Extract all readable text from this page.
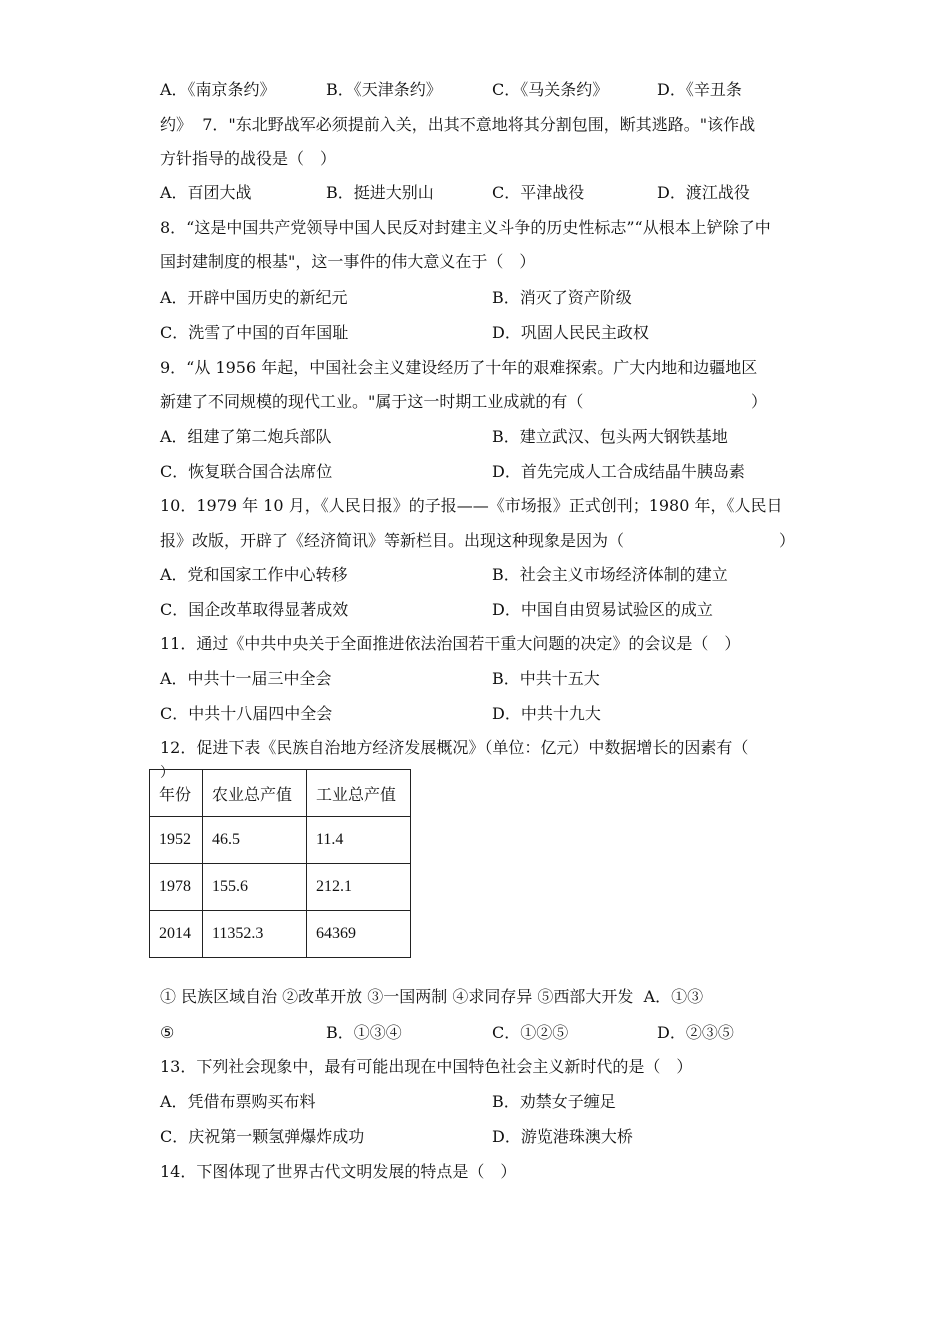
A．《南京条约》	B．《天津条约》	C．《马关条约》	D．《辛丑条
约》 7．"东北野战军必须提前入关，出其不意地将其分割包围，断其逃路。"该作战
方针指导的战役是（　）
A．百团大战	B．挺进大别山	C．平津战役	D．渡江战役
8．“这是中国共产党领导中国人民反对封建主义斗争的历史性标志”“从根本上铲除了中
国封建制度的根基"，这一事件的伟大意义在于（　）
A．开辟中国历史的新纪元	B．消灭了资产阶级
C．洗雪了中国的百年国耻	D．巩固人民民主政权
9．“从 1956 年起，中国社会主义建设经历了十年的艰难探索。广大内地和边疆地区
新建了不同规模的现代工业。"属于这一时期工业成就的有（	）
A．组建了第二炮兵部队	B．建立武汉、包头两大钢铁基地
C．恢复联合国合法席位	D．首先完成人工合成结晶牛胰岛素
10．1979 年 10 月，《人民日报》的子报——《市场报》正式创刊；1980 年，《人民日
报》改版，开辟了《经济简讯》等新栏目。出现这种现象是因为（	）
A．党和国家工作中心转移	B．社会主义市场经济体制的建立
C．国企改革取得显著成效	D．中国自由贸易试验区的成立
11．通过《中共中央关于全面推进依法治国若干重大问题的决定》的会议是（　）
A．中共十一届三中全会	B．中共十五大
C．中共十八届四中全会	D．中共十九大
12．促进下表《民族自治地方经济发展概况》（单位：亿元）中数据增长的因素有（
）
年份	农业总产值	工业总产值
1952	46.5	11.4
1978	155.6	212.1
2014	11352.3	64369
① 民族区域自治 ②改革开放 ③一国两制 ④求同存异 ⑤西部大开发 A．①③
⑤	B．①③④	C．①②⑤	D．②③⑤
13．下列社会现象中，最有可能出现在中国特色社会主义新时代的是（　）
A．凭借布票购买布料	B．劝禁女子缠足
C．庆祝第一颗氢弹爆炸成功	D．游览港珠澳大桥
14．下图体现了世界古代文明发展的特点是（　）
